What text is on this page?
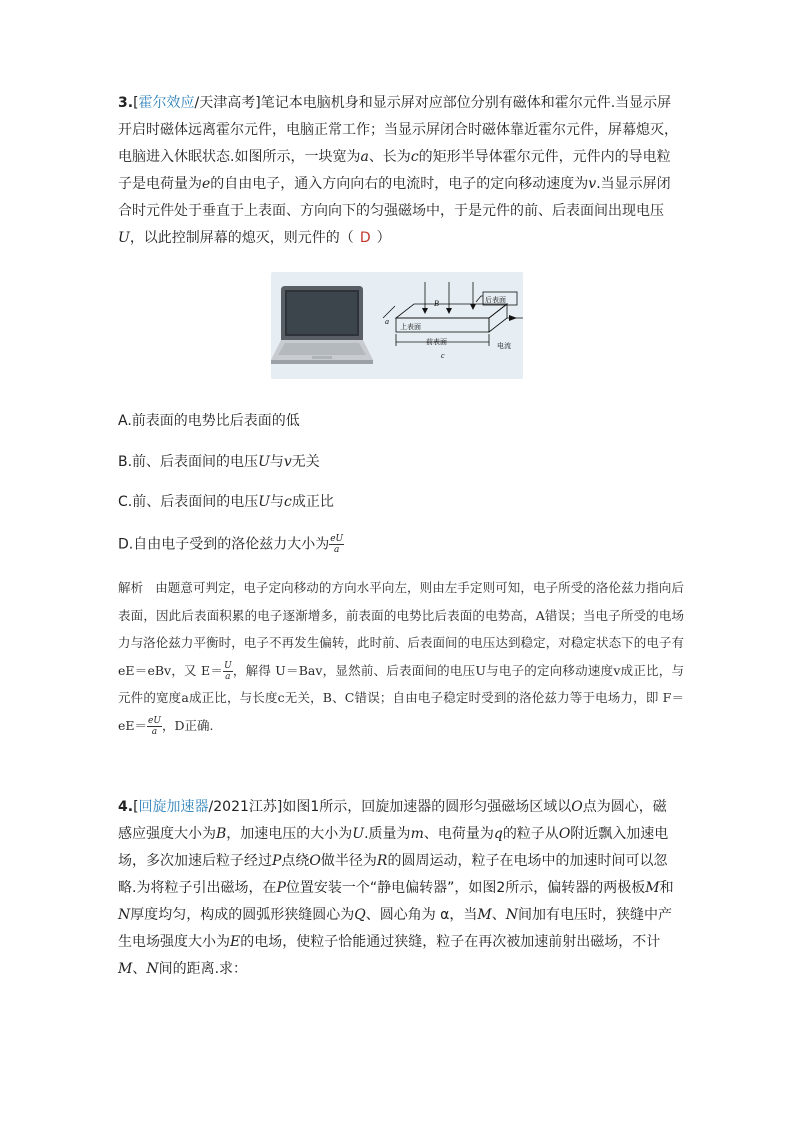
3.[霍尔效应/天津高考]笔记本电脑机身和显示屏对应部位分别有磁体和霍尔元件.当显示屏开启时磁体远离霍尔元件，电脑正常工作；当显示屏闭合时磁体靠近霍尔元件，屏幕熄灭，电脑进入休眠状态.如图所示，一块宽为a、长为c的矩形半导体霍尔元件，元件内的导电粒子是电荷量为e的自由电子，通入方向向右的电流时，电子的定向移动速度为v.当显示屏闭合时元件处于垂直于上表面、方向向下的匀强磁场中，于是元件的前、后表面间出现电压U，以此控制屏幕的熄灭，则元件的（ D ）
B	后表面
上表面
前表面	电流
a
c
A.前表面的电势比后表面的低
B.前、后表面间的电压U与v无关
C.前、后表面间的电压U与c成正比
D.自由电子受到的洛伦兹力大小为 $\frac{eU}{a}$
解析 由题意可判定，电子定向移动的方向水平向左，则由左手定则可知，电子所受的洛伦兹力指向后表面，因此后表面积累的电子逐渐增多，前表面的电势比后表面的电势高，A错误；当电子所受的电场力与洛伦兹力平衡时，电子不再发生偏转，此时前、后表面间的电压达到稳定，对稳定状态下的电子有 eE＝eBv，又 $E= \frac{U}{a}$ ，解得 U＝Bav，显然前、后表面间的电压U与电子的定向移动速度v成正比，与元件的宽度a成正比，与长度c无关，B、C错误；自由电子稳定时受到的洛伦兹力等于电场力，即 $F=eE= \frac{eU}{a}$ ，D正确.
4.[回旋加速器/2021江苏]如图1所示，回旋加速器的圆形匀强磁场区域以O点为圆心，磁感应强度大小为B，加速电压的大小为U.质量为m、电荷量为q的粒子从O附近飘入加速电场，多次加速后粒子经过P点绕O做半径为R的圆周运动，粒子在电场中的加速时间可以忽略.为将粒子引出磁场，在P位置安装一个“静电偏转器”，如图2所示，偏转器的两极板M和N厚度均匀，构成的圆弧形狭缝圆心为Q、圆心角为 α，当M、N间加有电压时，狭缝中产生电场强度大小为E的电场，使粒子恰能通过狭缝，粒子在再次被加速前射出磁场，不计M、N间的距离.求：
